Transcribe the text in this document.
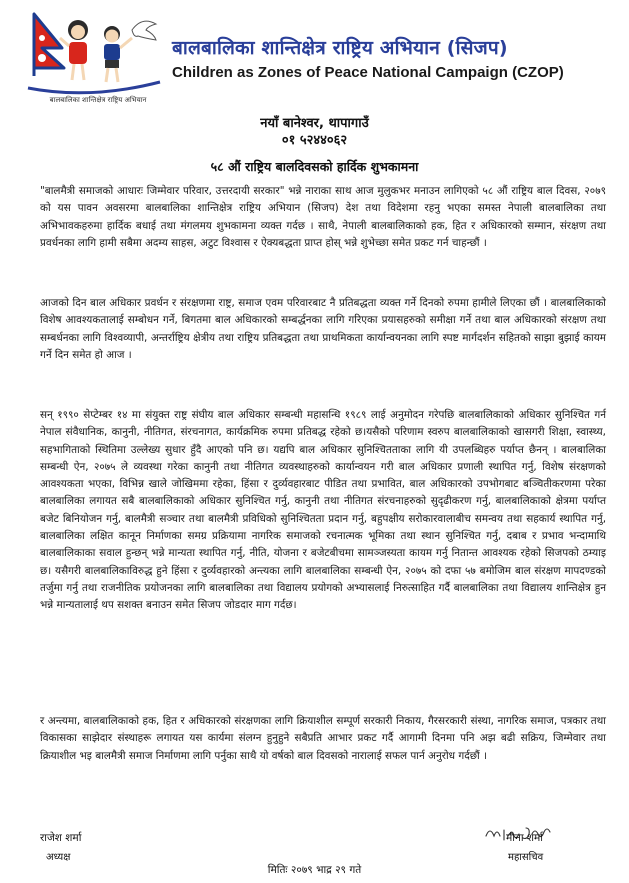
बालबालिका शान्तिक्षेत्र राष्ट्रिय अभियान
बालबालिका शान्तिक्षेत्र राष्ट्रिय अभियान (सिजप)
Children as Zones of Peace National Campaign (CZOP)
नयाँ बानेश्वर, थापागाउँ
०१ ५२४४०६२
५८ औं राष्ट्रिय बालदिवसको हार्दिक शुभकामना
"बालमैत्री समाजको आधारः जिम्मेवार परिवार, उत्तरदायी सरकार" भन्ने नाराका साथ आज मुलुकभर मनाउन लागिएको ५८ औं राष्ट्रिय बाल दिवस, २०७९ को यस पावन अवसरमा बालबालिका शान्तिक्षेत्र राष्ट्रिय अभियान (सिजप) देश तथा विदेशमा रहनु भएका समस्त नेपाली बालबालिका तथा अभिभावकहरुमा हार्दिक बधाई तथा मंगलमय शुभकामना व्यक्त गर्दछ । साथै, नेपाली बालबालिकाको हक, हित र अधिकारको सम्मान, संरक्षण तथा प्रवर्धनका लागि हामी सबैमा अदम्य साहस, अटुट विश्वास र ऐक्यबद्धता प्राप्त होस् भन्ने शुभेच्छा समेत प्रकट गर्न चाहन्छौं ।
आजको दिन बाल अधिकार प्रवर्धन र संरक्षणमा राष्ट्र, समाज एवम परिवारबाट नै प्रतिबद्धता व्यक्त गर्ने दिनको रुपमा हामीले लिएका छौं । बालबालिकाको विशेष आवश्यकतालाई सम्बोधन गर्ने, बिगतमा बाल अधिकारको सम्बर्द्धनका लागि गरिएका प्रयासहरुको समीक्षा गर्ने तथा बाल अधिकारको संरक्षण तथा सम्बर्धनका लागि विश्वव्यापी, अन्तर्राष्ट्रिय क्षेत्रीय तथा राष्ट्रिय प्रतिबद्धता तथा प्राथमिकता कार्यान्वयनका लागि स्पष्ट मार्गदर्शन सहितको साझा बुझाई कायम गर्ने दिन समेत हो आज ।
सन् १९९० सेप्टेम्बर १४ मा संयुक्त राष्ट्र संघीय बाल अधिकार सम्बन्धी महासन्धि १९८९ लाई अनुमोदन गरेपछि बालबालिकाको अधिकार सुनिश्चित गर्न नेपाल संवैधानिक, कानुनी, नीतिगत, संरचनागत, कार्यक्रमिक रुपमा प्रतिबद्ध रहेको छ।यसैको परिणाम स्वरुप बालबालिकाको खासगरी शिक्षा, स्वास्थ्य, सहभागिताको स्थितिमा उल्लेख्य सुधार हुँदै आएको पनि छ। यद्यपि बाल अधिकार सुनिश्चितताका लागि यी उपलब्धिहरु पर्याप्त छैनन् । बालबालिका सम्बन्धी ऐन, २०७५ ले व्यवस्था गरेका कानुनी तथा नीतिगत व्यवस्थाहरुको कार्यान्वयन गरी बाल अधिकार प्रणाली स्थापित गर्नु, विशेष संरक्षणको आवश्यकता भएका, विभिन्न खाले जोखिममा रहेका, हिंसा र दुर्व्यवहारबाट पीडित तथा प्रभावित, बाल अधिकारको उपभोगबाट बञ्चितीकरणमा परेका बालबालिका लगायत सबै बालबालिकाको अधिकार सुनिश्चित गर्नु, कानुनी तथा नीतिगत संरचनाहरुको सुदृढीकरण गर्नु, बालबालिकाको क्षेत्रमा पर्याप्त बजेट बिनियोजन गर्नु, बालमैत्री सञ्चार तथा बालमैत्री प्रविधिको सुनिश्चितता प्रदान गर्नु, बहुपक्षीय सरोकारवालाबीच समन्वय तथा सहकार्य स्थापित गर्नु, बालबालिका लक्षित कानून निर्माणका समग्र प्रक्रियामा नागरिक समाजको रचनात्मक भूमिका तथा स्थान सुनिश्चित गर्नु, दबाब र प्रभाव भन्दामाथि बालबालिकाका सवाल हुन्छन् भन्ने मान्यता स्थापित गर्नु, नीति, योजना र बजेटबीचमा सामञ्जस्यता कायम गर्नु नितान्त आवश्यक रहेको सिजपको ठम्याइ छ। यसैगरी बालबालिकाविरुद्ध हुने हिंसा र दुर्व्यवहारको अन्त्यका लागि बालबालिका सम्बन्धी ऐन, २०७५ को दफा ५७ बमोजिम बाल संरक्षण मापदण्डको तर्जुमा गर्नु तथा राजनीतिक प्रयोजनका लागि बालबालिका तथा विद्यालय प्रयोगको अभ्यासलाई निरुत्साहित गर्दै बालबालिका तथा विद्यालय शान्तिक्षेत्र हुन भन्ने मान्यतालाई थप सशक्त बनाउन समेत सिजप जोडदार माग गर्दछ।
र अन्त्यमा, बालबालिकाको हक, हित र अधिकारको संरक्षणका लागि क्रियाशील सम्पूर्ण सरकारी निकाय, गैरसरकारी संस्था, नागरिक समाज, पत्रकार तथा विकासका साझेदार संस्थाहरू लगायत यस कार्यमा संलग्न हुनुहुने सबैप्रति आभार प्रकट गर्दै आगामी दिनमा पनि अझ बढी सक्रिय, जिम्मेवार तथा क्रियाशील भइ बालमैत्री समाज निर्माणमा लागि पर्नुका साथै यो वर्षको बाल दिवसको नारालाई सफल पार्न अनुरोध गर्दछौं ।
राजेश शर्मा
अध्यक्ष
मीना शर्मा
महासचिव
मितिः २०७९ भाद्र २९ गते
